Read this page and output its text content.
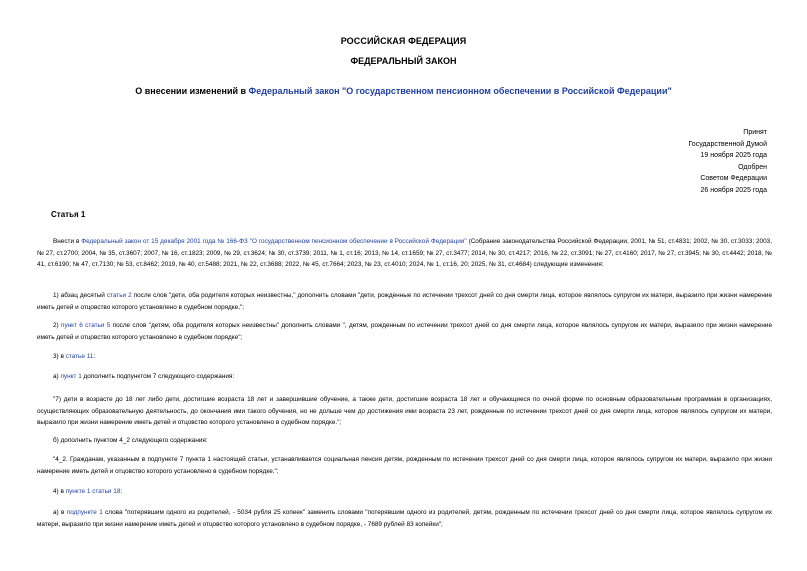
РОССИЙСКАЯ ФЕДЕРАЦИЯ
ФЕДЕРАЛЬНЫЙ ЗАКОН
О внесении изменений в Федеральный закон "О государственном пенсионном обеспечении в Российской Федерации"
Принят
Государственной Думой
19 ноября 2025 года
Одобрен
Советом Федерации
26 ноября 2025 года
Статья 1
Внести в Федеральный закон от 15 декабря 2001 года № 166-ФЗ "О государственном пенсионном обеспечении в Российской Федерации" (Собрание законодательства Российской Федерации, 2001, № 51, ст.4831; 2002, № 30, ст.3033; 2003, № 27, ст.2700; 2004, № 35, ст.3607; 2007, № 16, ст.1823; 2009, № 29, ст.3624; № 30, ст.3739; 2011, № 1, ст.16; 2013, № 14, ст.1659; № 27, ст.3477; 2014, № 30, ст.4217; 2016, № 22, ст.3091; № 27, ст.4160; 2017, № 27, ст.3945; № 30, ст.4442; 2018, № 41, ст.6190; № 47, ст.7130; № 53, ст.8462; 2019, № 40, ст.5488; 2021, № 22, ст.3688; 2022, № 45, ст.7664; 2023, № 23, ст.4010; 2024, № 1, ст.16, 20; 2025, № 31, ст.4684) следующие изменения:
1) абзац десятый статьи 2 после слов "дети, оба родителя которых неизвестны," дополнить словами "дети, рожденные по истечении трехсот дней со дня смерти лица, которое являлось супругом их матери, выразило при жизни намерение иметь детей и отцовство которого установлено в судебном порядке,";
2) пункт 6 статьи 5 после слов "детям, оба родителя которых неизвестны" дополнить словами ", детям, рожденным по истечении трехсот дней со дня смерти лица, которое являлось супругом их матери, выразило при жизни намерение иметь детей и отцовство которого установлено в судебном порядке";
3) в статье 11:
а) пункт 1 дополнить подпунктом 7 следующего содержания:
"7) дети в возрасте до 18 лет либо дети, достигшие возраста 18 лет и завершившие обучение, а также дети, достигшие возраста 18 лет и обучающиеся по очной форме по основным образовательным программам в организациях, осуществляющих образовательную деятельность, до окончания ими такого обучения, но не дольше чем до достижения ими возраста 23 лет, рожденные по истечении трехсот дней со дня смерти лица, которое являлось супругом их матери, выразило при жизни намерение иметь детей и отцовство которого установлено в судебном порядке.";
б) дополнить пунктом 4_2 следующего содержания:
"4_2. Гражданам, указанным в подпункте 7 пункта 1 настоящей статьи, устанавливается социальная пенсия детям, рожденным по истечении трехсот дней со дня смерти лица, которое являлось супругом их матери, выразило при жизни намерение иметь детей и отцовство которого установлено в судебном порядке.";
4) в пункте 1 статьи 18:
а) в подпункте 1 слова "потерявшим одного из родителей, - 5034 рубля 25 копеек" заменить словами "потерявшим одного из родителей, детям, рожденным по истечении трехсот дней со дня смерти лица, которое являлось супругом их матери, выразило при жизни намерение иметь детей и отцовство которого установлено в судебном порядке, - 7689 рублей 83 копейки";
